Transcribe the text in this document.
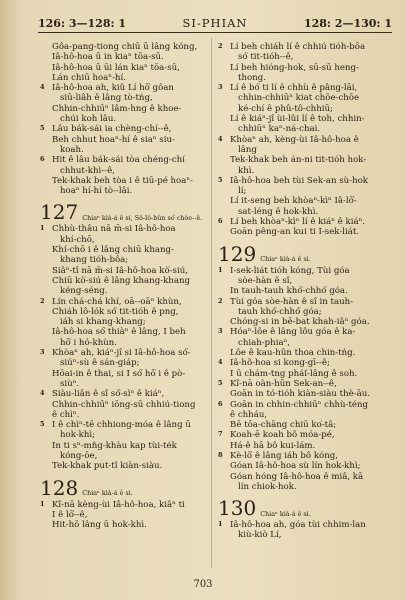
126: 3—128: 1	SI-PHIAN	128: 2—130: 1
Gôa-pang-tiong chiū ū lâng kóng,
Iâ-hô-hoa ū in kiaⁿ tōa-sū.
Iâ-hô-hoa ū ūi lán kiaⁿ tōa-sū,
Lán chiū hoaⁿ-hí.
4 Iâ-hô-hoa ah, kiû Lí hō͘ gôan
siū-liâh ê lâng tò-tńg,
Chhin-chhiūⁿ lâm-hng ê khoe-
chúi koh lâu.
5 Lâu bák-sái ia chèng-chí--ê,
Beh chhut hoaⁿ-hí ê siaⁿ siu-
koah.
6 Hit ê lâu bák-sái tòa chéng-chí
chhut-khì--ê,
Tek-khak beh tòa i ê tiū-pé hoaⁿ-
hoaⁿ hí-hí tò--lâi.
127 Chiaⁿ kià-á ê si, Sô-lô-bûn só͘ chòe--ê.
1 Chhù-thâu nā m̄-si Iâ-hô-hoa
khí-chō,
Khí-chō i ê lâng chiū khang-
khang tióh-bôa;
Siâⁿ-tî nā m̄-si Iâ-hô-hoa kò͘-siú,
Chiū kò͘-siú ê lâng khang-khang
kéng-séng.
2 Lín chá-chá khí, oā--oāⁿ khùn,
Chiáh lô-lók só͘ tit-tióh ê png,
iáh si khang-khang;
Iâ-hô-hoa só͘ thiàⁿ ê lâng, I beh
hō͘ i hó-khùn.
3 Khòaⁿ ah, kiáⁿ-jî si Iâ-hô-hoa só͘-
siúⁿ-sù ê sán-giáp;
Hōai-in ê thai, si I só͘ hō͘ i ê pò-
siùⁿ.
4 Siàu-liân ê sî só͘-sìⁿ ê kiáⁿ,
Chhin-chhiūⁿ iōng-sū chhiú-tiong
ê chìⁿ.
5 I ê chìⁿ-tē chhiong-móa ê lâng ū
hok-khì;
In ti sⁿ-mn̂g-khàu kap tùi-ték
kóng-ōe,
Tek-khak put-tî kiàn-siàu.
128 Chiaⁿ kià-á ê si.
1 Kì͘-nā kèng-ùi Iâ-hô-hoa, kiâⁿ ti
I ê lō͘--ê,
Hit-hō lâng ū hok-khì.
2 Lí beh chiáh lí ê chhiú tióh-bōa
só͘ tit-tióh--ê,
Lí beh hióng-hok, sū-sū heng-
thong.
3 Lí ê bó͘ ti lí ê chhù ê pâng-lāi,
chhin-chhiūⁿ kiat chōe-chōe
ké-chí ê phû-tô-chhiū;
Lí ê kiáⁿ-jî ùi-lûi lí ê toh, chhin-
chhiūⁿ kaⁿ-ná-chai.
4 Khòaⁿ ah, kèng-ùi Iâ-hô-hoa ê
lâng
Tek-khak beh án-ni tit-tióh hok-
khì.
5 Iâ-hô-hoa beh tùi Sek-an sù-hok
lí;
Lí it-seng beh khòaⁿ-kìⁿ Iâ-lō͘-
sat-léng ê hok-khì.
6 Lí beh khòaⁿ-kìⁿ lí ê kiáⁿ ê kiáⁿ.
Goān pêng-an kui ti Í-sek-liát.
129 Chiaⁿ kià-á ê si.
1 Í-sek-liát tióh kóng, Tùi góa
sòe-hàn ê sî,
In tauh-tauh khó͘-chhó͘ góa.
2 Tùi góa sòe-hàn ê sî in tauh-
tauh khó͘-chhó͘ góa;
Chóng-si in bē-bat khah-iâⁿ góa.
3 Hóaⁿ-lôe ê lâng lôu góa ê ka-
chiah-phiaⁿ,
Lôe ê kau-hûn thoa chin-tńg.
4 Iâ-hô-hoa si kong-gī--ê;
I ū chám-tng phái͘-lâng ê soh.
5 Kì͘-nā oàn-hūn Sek-an--ê,
Goān in tó-tióh kiàn-siàu thè-āu.
6 Goān in chhin-chhiūⁿ chhù-téng
ê chháu,
Bē tōa-chāng chiū ko͘-tâ;
7 Koah-ē koah bô móa-pé,
Há-ê hā bô kui-lám.
8 Kè-lō͘ ê lâng iáh bô kóng,
Góan Iâ-hô-hoa sù lín hok-khì;
Góan hóng Iâ-hô-hoa ê miâ, kā
lín chiok-hok.
130 Chiaⁿ kià-á ê si.
1 Iâ-hô-hoa ah, góa tùi chhim-lan
kiù-kiò Lí,
703
